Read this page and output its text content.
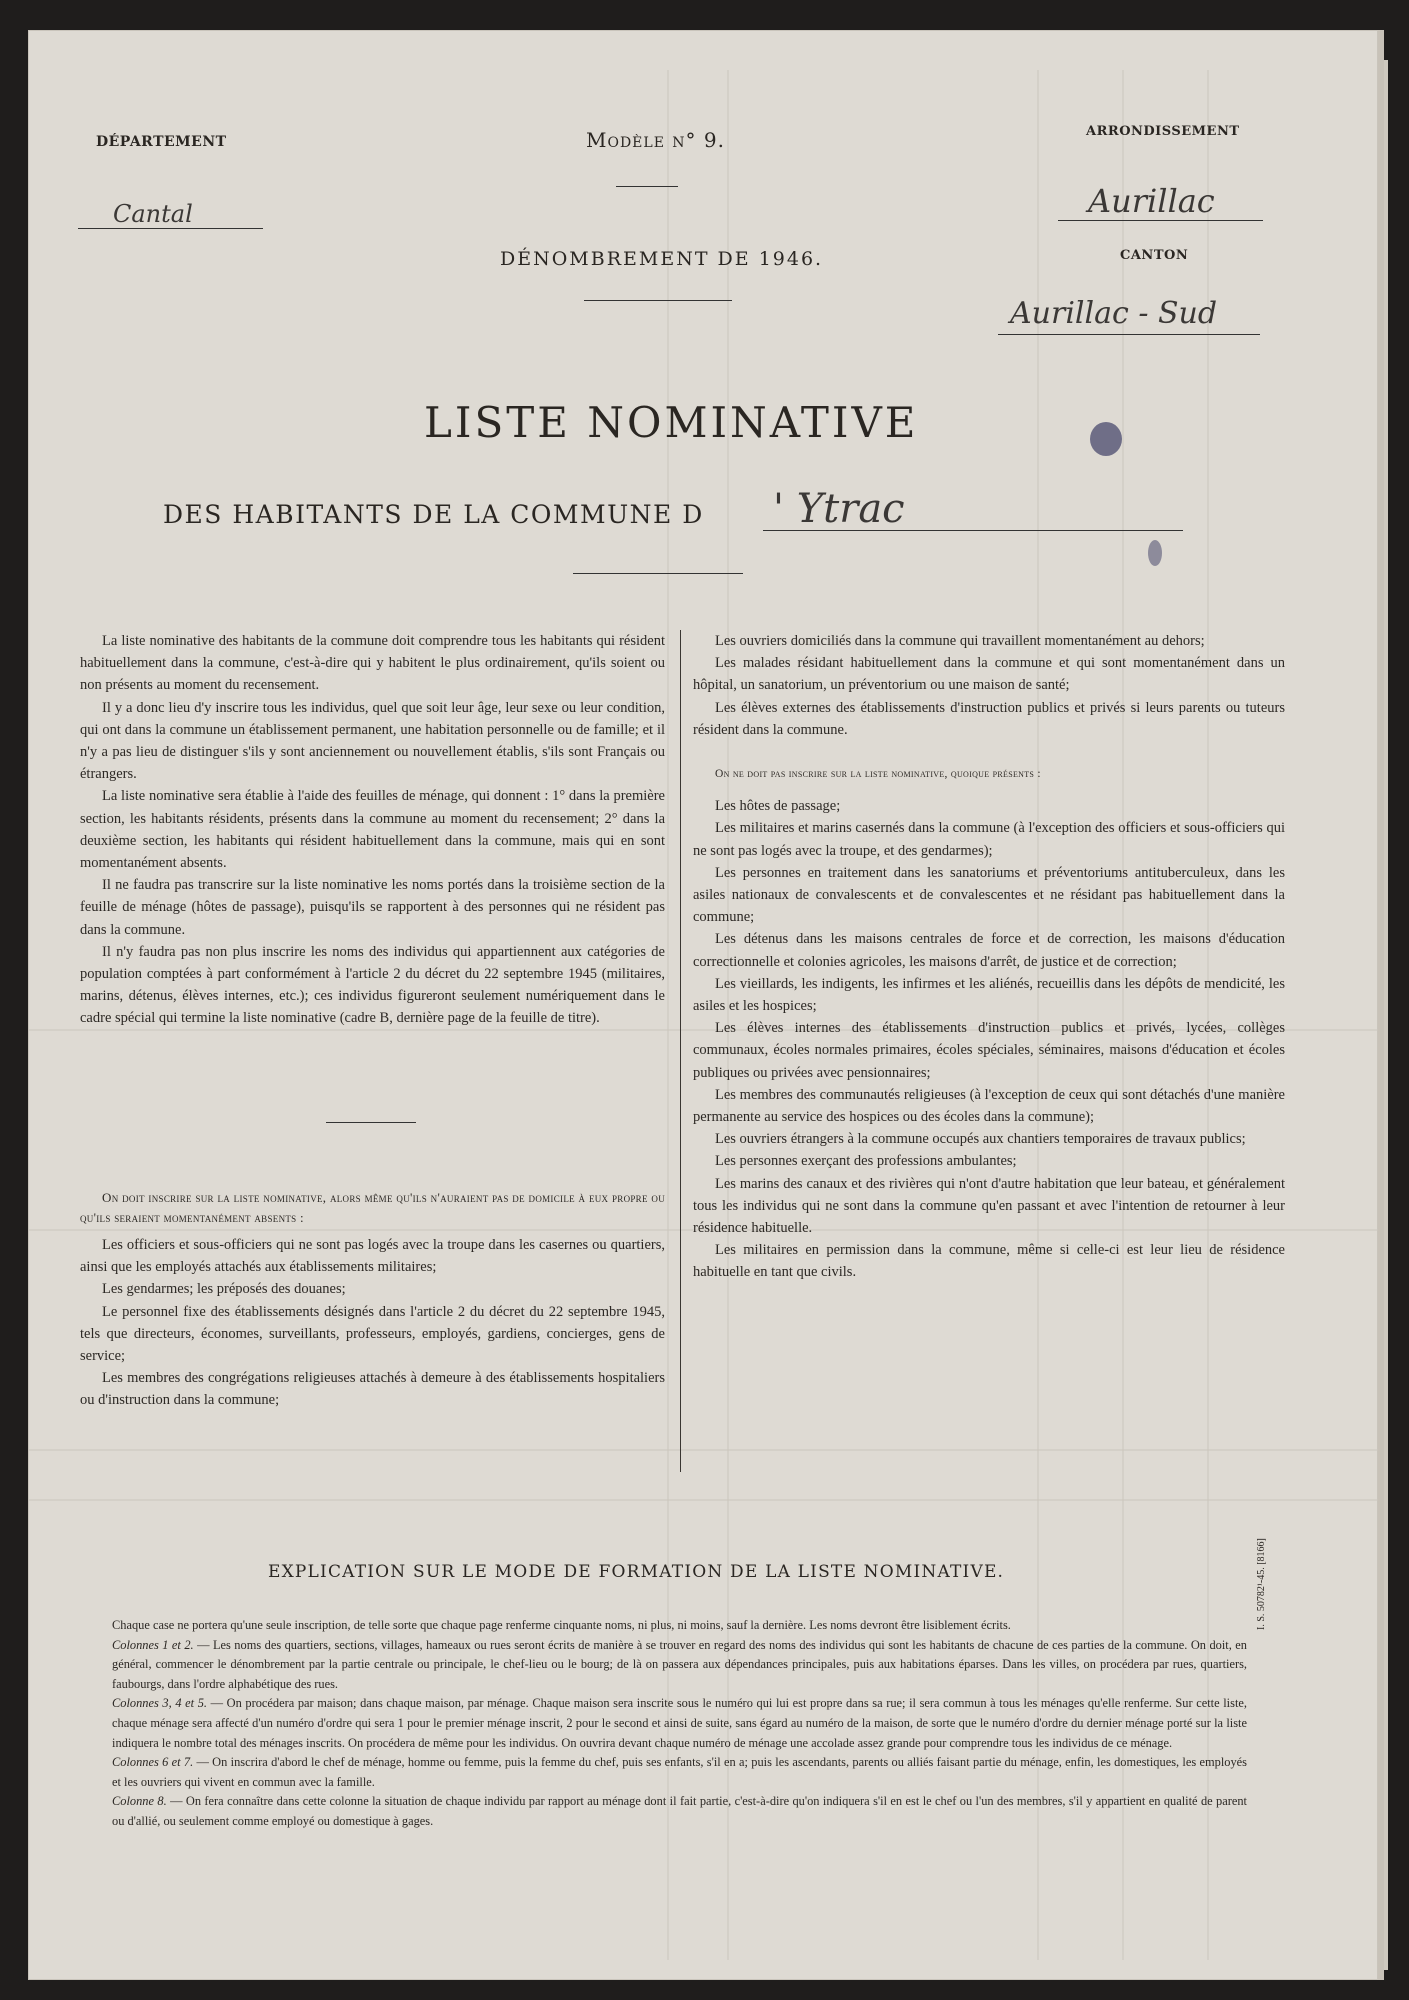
DÉPARTEMENT
Cantal
Modèle n° 9.	ARRONDISSEMENT
Aurillac
DÉNOMBREMENT DE 1946.	CANTON
Aurillac - Sud
LISTE NOMINATIVE
DES HABITANTS DE LA COMMUNE D ' Ytrac

La liste nominative des habitants de la commune doit comprendre tous les habitants qui résident habituellement dans la commune, c'est-à-dire qui y habitent le plus ordinairement, qu'ils soient ou non présents au moment du recensement.

Il y a donc lieu d'y inscrire tous les individus, quel que soit leur âge, leur sexe ou leur condition, qui ont dans la commune un établissement permanent, une habitation personnelle ou de famille; et il n'y a pas lieu de distinguer s'ils y sont anciennement ou nouvellement établis, s'ils sont Français ou étrangers.

La liste nominative sera établie à l'aide des feuilles de ménage, qui donnent : 1° dans la première section, les habitants résidents, présents dans la commune au moment du recensement; 2° dans la deuxième section, les habitants qui résident habituellement dans la commune, mais qui en sont momentanément absents.

Il ne faudra pas transcrire sur la liste nominative les noms portés dans la troisième section de la feuille de ménage (hôtes de passage), puisqu'ils se rapportent à des personnes qui ne résident pas dans la commune.

Il n'y faudra pas non plus inscrire les noms des individus qui appartiennent aux catégories de population comptées à part conformément à l'article 2 du décret du 22 septembre 1945 (militaires, marins, détenus, élèves internes, etc.); ces individus figureront seulement numériquement dans le cadre spécial qui termine la liste nominative (cadre B, dernière page de la feuille de titre).

On doit inscrire sur la liste nominative, alors même qu'ils n'auraient pas de domicile à eux propre ou qu'ils seraient momentanément absents :

Les officiers et sous-officiers qui ne sont pas logés avec la troupe dans les casernes ou quartiers, ainsi que les employés attachés aux établissements militaires;

Les gendarmes; les préposés des douanes;

Le personnel fixe des établissements désignés dans l'article 2 du décret du 22 septembre 1945, tels que directeurs, économes, surveillants, professeurs, employés, gardiens, concierges, gens de service;

Les membres des congrégations religieuses attachés à demeure à des établissements hospitaliers ou d'instruction dans la commune;

Les ouvriers domiciliés dans la commune qui travaillent momentanément au dehors;

Les malades résidant habituellement dans la commune et qui sont momentanément dans un hôpital, un sanatorium, un préventorium ou une maison de santé;

Les élèves externes des établissements d'instruction publics et privés si leurs parents ou tuteurs résident dans la commune.

On ne doit pas inscrire sur la liste nominative, quoique présents :

Les hôtes de passage;

Les militaires et marins casernés dans la commune (à l'exception des officiers et sous-officiers qui ne sont pas logés avec la troupe, et des gendarmes);

Les personnes en traitement dans les sanatoriums et préventoriums antituberculeux, dans les asiles nationaux de convalescents et de convalescentes et ne résidant pas habituellement dans la commune;

Les détenus dans les maisons centrales de force et de correction, les maisons d'éducation correctionnelle et colonies agricoles, les maisons d'arrêt, de justice et de correction;

Les vieillards, les indigents, les infirmes et les aliénés, recueillis dans les dépôts de mendicité, les asiles et les hospices;

Les élèves internes des établissements d'instruction publics et privés, lycées, collèges communaux, écoles normales primaires, écoles spéciales, séminaires, maisons d'éducation et écoles publiques ou privées avec pensionnaires;

Les membres des communautés religieuses (à l'exception de ceux qui sont détachés d'une manière permanente au service des hospices ou des écoles dans la commune);

Les ouvriers étrangers à la commune occupés aux chantiers temporaires de travaux publics;

Les personnes exerçant des professions ambulantes;

Les marins des canaux et des rivières qui n'ont d'autre habitation que leur bateau, et généralement tous les individus qui ne sont dans la commune qu'en passant et avec l'intention de retourner à leur résidence habituelle.

Les militaires en permission dans la commune, même si celle-ci est leur lieu de résidence habituelle en tant que civils.

EXPLICATION SUR LE MODE DE FORMATION DE LA LISTE NOMINATIVE.	I. S. 50782¹-45. [8166]

Chaque case ne portera qu'une seule inscription, de telle sorte que chaque page renferme cinquante noms, ni plus, ni moins, sauf la dernière. Les noms devront être lisiblement écrits.

Colonnes 1 et 2. — Les noms des quartiers, sections, villages, hameaux ou rues seront écrits de manière à se trouver en regard des noms des individus qui sont les habitants de chacune de ces parties de la commune. On doit, en général, commencer le dénombrement par la partie centrale ou principale, le chef-lieu ou le bourg; de là on passera aux dépendances principales, puis aux habitations éparses. Dans les villes, on procédera par rues, quartiers, faubourgs, dans l'ordre alphabétique des rues.

Colonnes 3, 4 et 5. — On procédera par maison; dans chaque maison, par ménage. Chaque maison sera inscrite sous le numéro qui lui est propre dans sa rue; il sera commun à tous les ménages qu'elle renferme. Sur cette liste, chaque ménage sera affecté d'un numéro d'ordre qui sera 1 pour le premier ménage inscrit, 2 pour le second et ainsi de suite, sans égard au numéro de la maison, de sorte que le numéro d'ordre du dernier ménage porté sur la liste indiquera le nombre total des ménages inscrits. On procédera de même pour les individus. On ouvrira devant chaque numéro de ménage une accolade assez grande pour comprendre tous les individus de ce ménage.

Colonnes 6 et 7. — On inscrira d'abord le chef de ménage, homme ou femme, puis la femme du chef, puis ses enfants, s'il en a; puis les ascendants, parents ou alliés faisant partie du ménage, enfin, les domestiques, les employés et les ouvriers qui vivent en commun avec la famille.

Colonne 8. — On fera connaître dans cette colonne la situation de chaque individu par rapport au ménage dont il fait partie, c'est-à-dire qu'on indiquera s'il en est le chef ou l'un des membres, s'il y appartient en qualité de parent ou d'allié, ou seulement comme employé ou domestique à gages.
